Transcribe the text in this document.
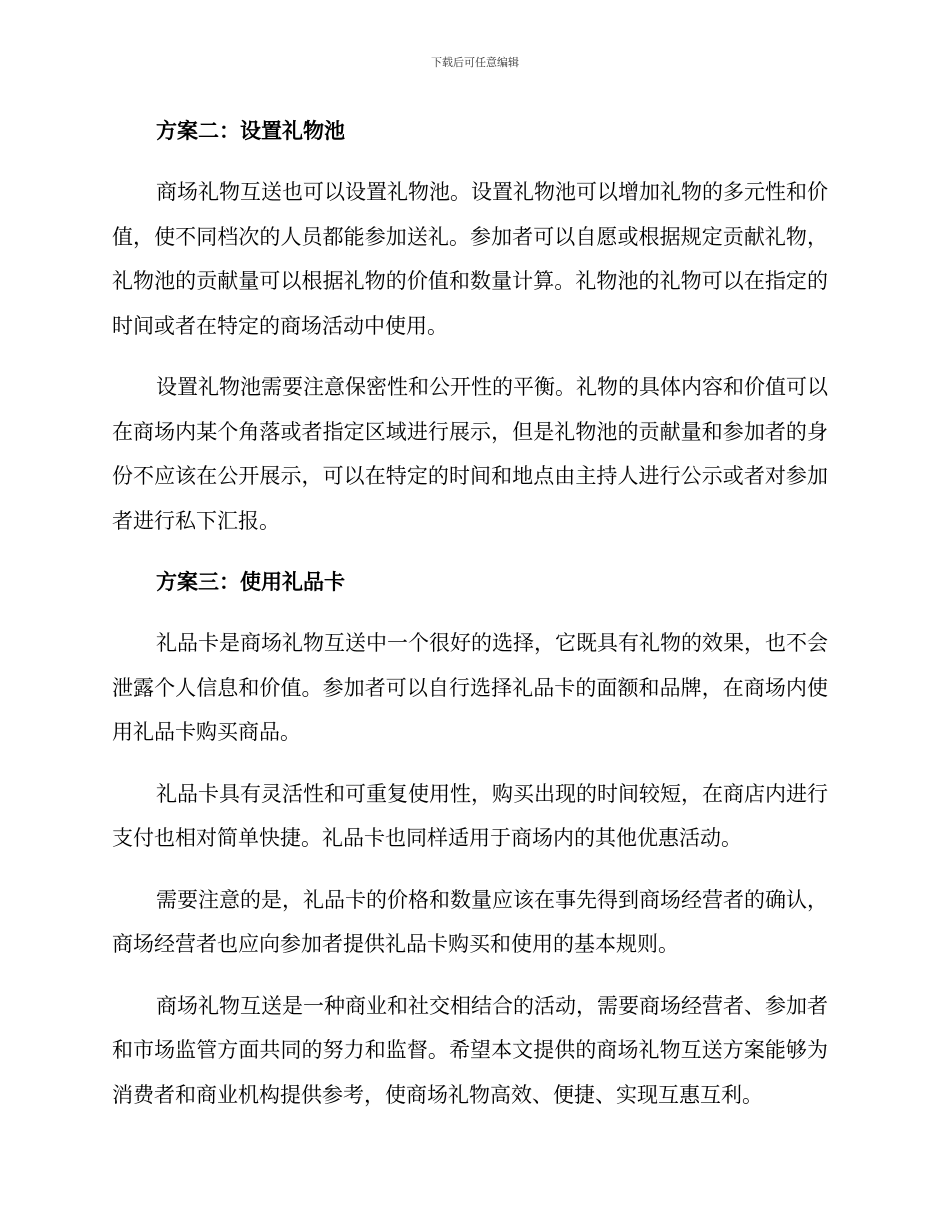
下载后可任意编辑
方案二：设置礼物池

商场礼物互送也可以设置礼物池。设置礼物池可以增加礼物的多元性和价值，使不同档次的人员都能参加送礼。参加者可以自愿或根据规定贡献礼物，礼物池的贡献量可以根据礼物的价值和数量计算。礼物池的礼物可以在指定的时间或者在特定的商场活动中使用。

设置礼物池需要注意保密性和公开性的平衡。礼物的具体内容和价值可以在商场内某个角落或者指定区域进行展示，但是礼物池的贡献量和参加者的身份不应该在公开展示，可以在特定的时间和地点由主持人进行公示或者对参加者进行私下汇报。

方案三：使用礼品卡

礼品卡是商场礼物互送中一个很好的选择，它既具有礼物的效果，也不会泄露个人信息和价值。参加者可以自行选择礼品卡的面额和品牌，在商场内使用礼品卡购买商品。

礼品卡具有灵活性和可重复使用性，购买出现的时间较短，在商店内进行支付也相对简单快捷。礼品卡也同样适用于商场内的其他优惠活动。

需要注意的是，礼品卡的价格和数量应该在事先得到商场经营者的确认，商场经营者也应向参加者提供礼品卡购买和使用的基本规则。

商场礼物互送是一种商业和社交相结合的活动，需要商场经营者、参加者和市场监管方面共同的努力和监督。希望本文提供的商场礼物互送方案能够为消费者和商业机构提供参考，使商场礼物高效、便捷、实现互惠互利。
